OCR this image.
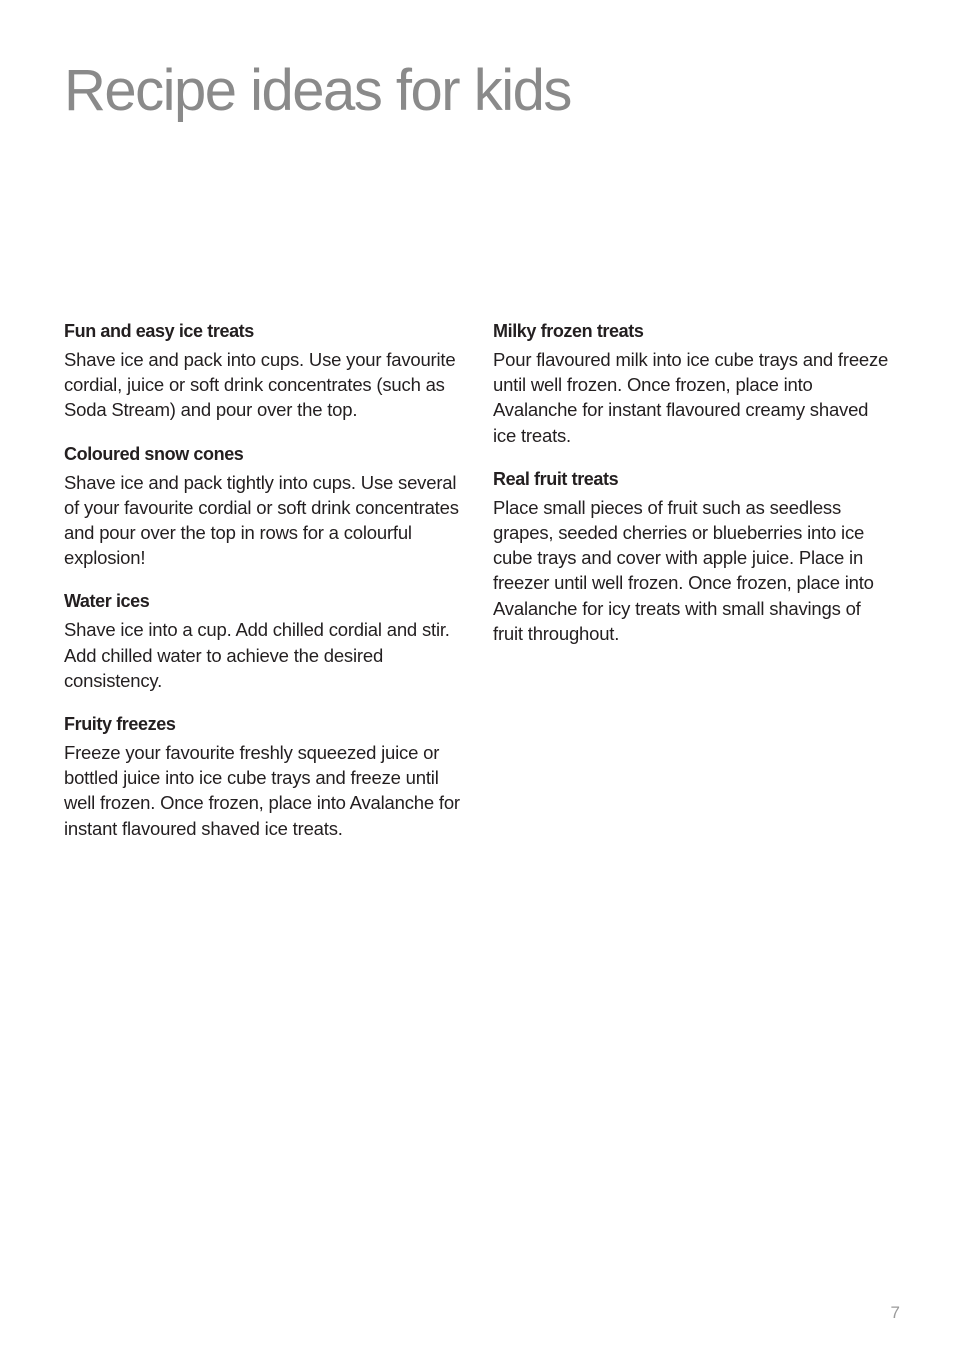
Recipe ideas for kids
Fun and easy ice treats

Shave ice and pack into cups. Use your favourite cordial, juice or soft drink concentrates (such as Soda Stream) and pour over the top.

Coloured snow cones

Shave ice and pack tightly into cups. Use several of your favourite cordial or soft drink concentrates and pour over the top in rows for a colourful explosion!

Water ices

Shave ice into a cup. Add chilled cordial and stir. Add chilled water to achieve the desired consistency.

Fruity freezes

Freeze your favourite freshly squeezed juice or bottled juice into ice cube trays and freeze until well frozen. Once frozen, place into Avalanche for instant flavoured shaved ice treats.

Milky frozen treats

Pour flavoured milk into ice cube trays and freeze until well frozen. Once frozen, place into Avalanche for instant flavoured creamy shaved ice treats.

Real fruit treats

Place small pieces of fruit such as seedless grapes, seeded cherries or blueberries into ice cube trays and cover with apple juice. Place in freezer until well frozen. Once frozen, place into Avalanche for icy treats with small shavings of fruit throughout.

7
